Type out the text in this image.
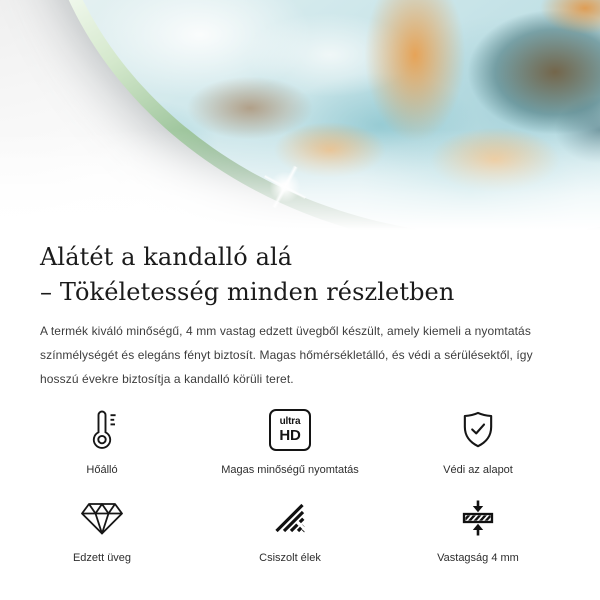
Alátét a kandalló alá
– Tökéletesség minden részletben
A termék kiváló minőségű, 4 mm vastag edzett üvegből készült, amely kiemeli a nyomtatás
színmélységét és elegáns fényt biztosít. Magas hőmérsékletálló, és védi a sérülésektől, így
hosszú évekre biztosítja a kandalló körüli teret.
Hőálló
ultra
HD
Magas minőségű nyomtatás	Védi az alapot
Edzett üveg	Csiszolt élek	Vastagság 4 mm
